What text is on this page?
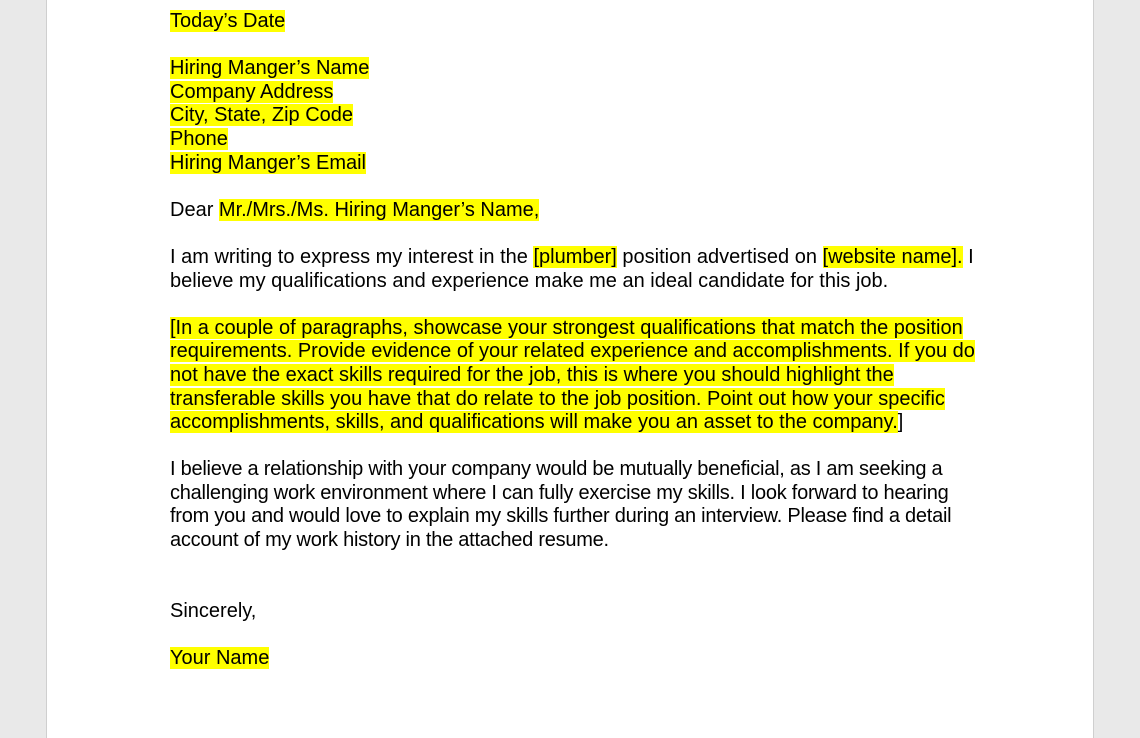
Today’s Date

Hiring Manger’s Name
Company Address
City, State, Zip Code
Phone
Hiring Manger’s Email

Dear Mr./Mrs./Ms. Hiring Manger’s Name,

I am writing to express my interest in the [plumber] position advertised on [website name]. I believe my qualifications and experience make me an ideal candidate for this job.

[In a couple of paragraphs, showcase your strongest qualifications that match the position requirements. Provide evidence of your related experience and accomplishments. If you do not have the exact skills required for the job, this is where you should highlight the transferable skills you have that do relate to the job position. Point out how your specific accomplishments, skills, and qualifications will make you an asset to the company.]

I believe a relationship with your company would be mutually beneficial, as I am seeking a challenging work environment where I can fully exercise my skills. I look forward to hearing from you and would love to explain my skills further during an interview. Please find a detail account of my work history in the attached resume.

Sincerely,

Your Name
